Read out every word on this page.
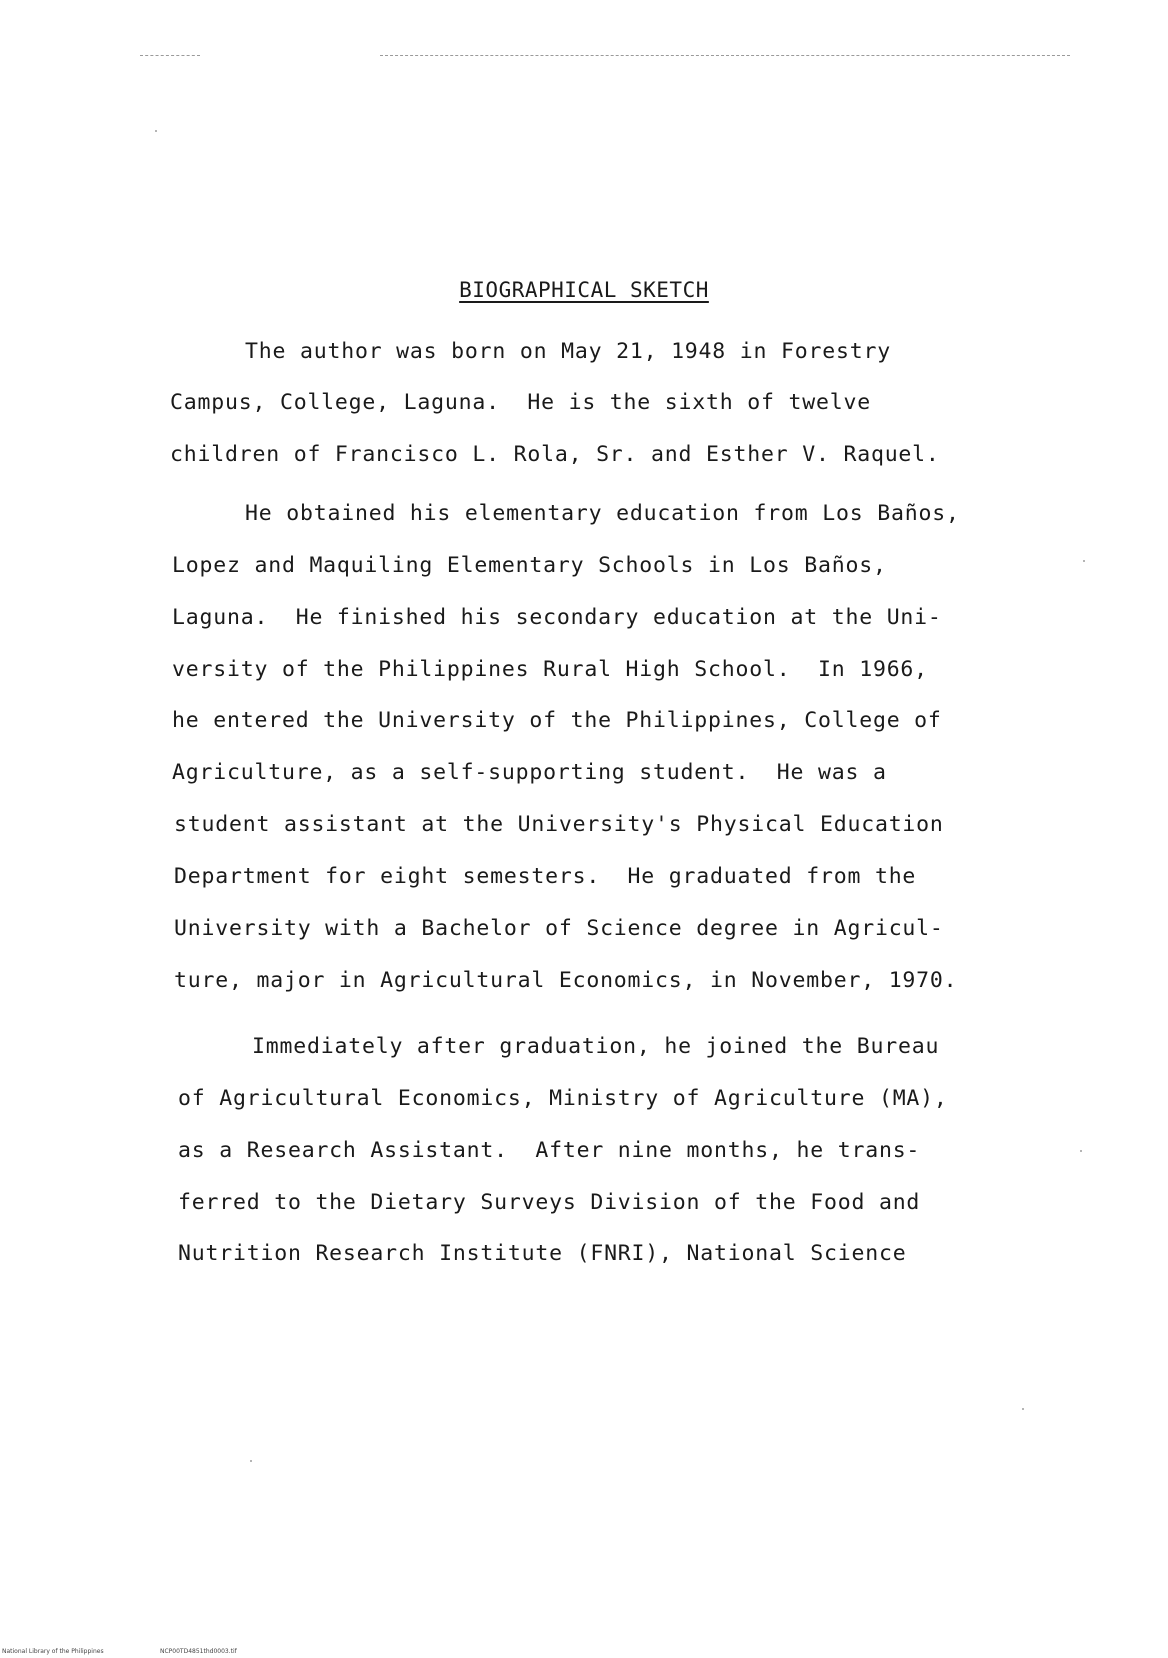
BIOGRAPHICAL SKETCH
The author was born on May 21, 1948 in Forestry
Campus, College, Laguna.  He is the sixth of twelve
children of Francisco L. Rola, Sr. and Esther V. Raquel.
He obtained his elementary education from Los Baños,
Lopez and Maquiling Elementary Schools in Los Baños,
Laguna.  He finished his secondary education at the Uni-
versity of the Philippines Rural High School.  In 1966,
he entered the University of the Philippines, College of
Agriculture, as a self-supporting student.  He was a
student assistant at the University's Physical Education
Department for eight semesters.  He graduated from the
University with a Bachelor of Science degree in Agricul-
ture, major in Agricultural Economics, in November, 1970.
Immediately after graduation, he joined the Bureau
of Agricultural Economics, Ministry of Agriculture (MA),
as a Research Assistant.  After nine months, he trans-
ferred to the Dietary Surveys Division of the Food and
Nutrition Research Institute (FNRI), National Science
National Library of the Philippines	NCP00TD4851thd0003.tif
